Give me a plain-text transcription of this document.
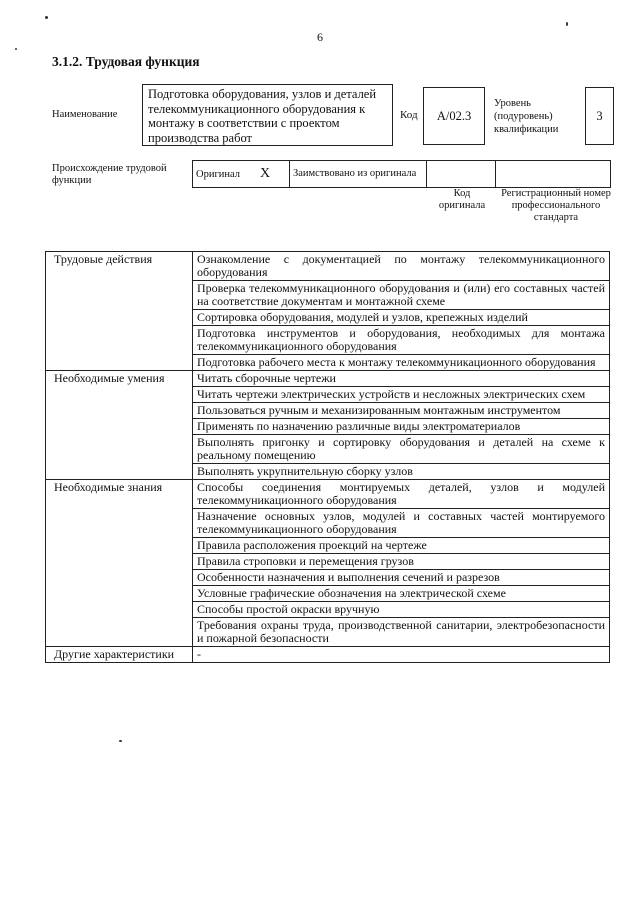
6
3.1.2. Трудовая функция
Наименование
Подготовка оборудования, узлов и деталей телекоммуникационного оборудования к монтажу в соответствии с проектом производства работ
Код А/02.3
Уровень (подуровень) квалификации
3
Происхождение трудовой функции
Оригинал	X	Заимствовано из оригинала		
Код оригинала
Регистрационный номер профессионального стандарта
Трудовые действия	Ознакомление с документацией по монтажу телекоммуникационного оборудования
	Проверка телекоммуникационного оборудования и (или) его составных частей на соответствие документам и монтажной схеме
	Сортировка оборудования, модулей и узлов, крепежных изделий
	Подготовка инструментов и оборудования, необходимых для монтажа телекоммуникационного оборудования
	Подготовка рабочего места к монтажу телекоммуникационного оборудования
Необходимые умения	Читать сборочные чертежи
	Читать чертежи электрических устройств и несложных электрических схем
	Пользоваться ручным и механизированным монтажным инструментом
	Применять по назначению различные виды электроматериалов
	Выполнять пригонку и сортировку оборудования и деталей на схеме к реальному помещению
	Выполнять укрупнительную сборку узлов
Необходимые знания	Способы соединения монтируемых деталей, узлов и модулей телекоммуникационного оборудования
	Назначение основных узлов, модулей и составных частей монтируемого телекоммуникационного оборудования
	Правила расположения проекций на чертеже
	Правила строповки и перемещения грузов
	Особенности назначения и выполнения сечений и разрезов
	Условные графические обозначения на электрической схеме
	Способы простой окраски вручную
	Требования охраны труда, производственной санитарии, электробезопасности и пожарной безопасности
Другие характеристики	-
